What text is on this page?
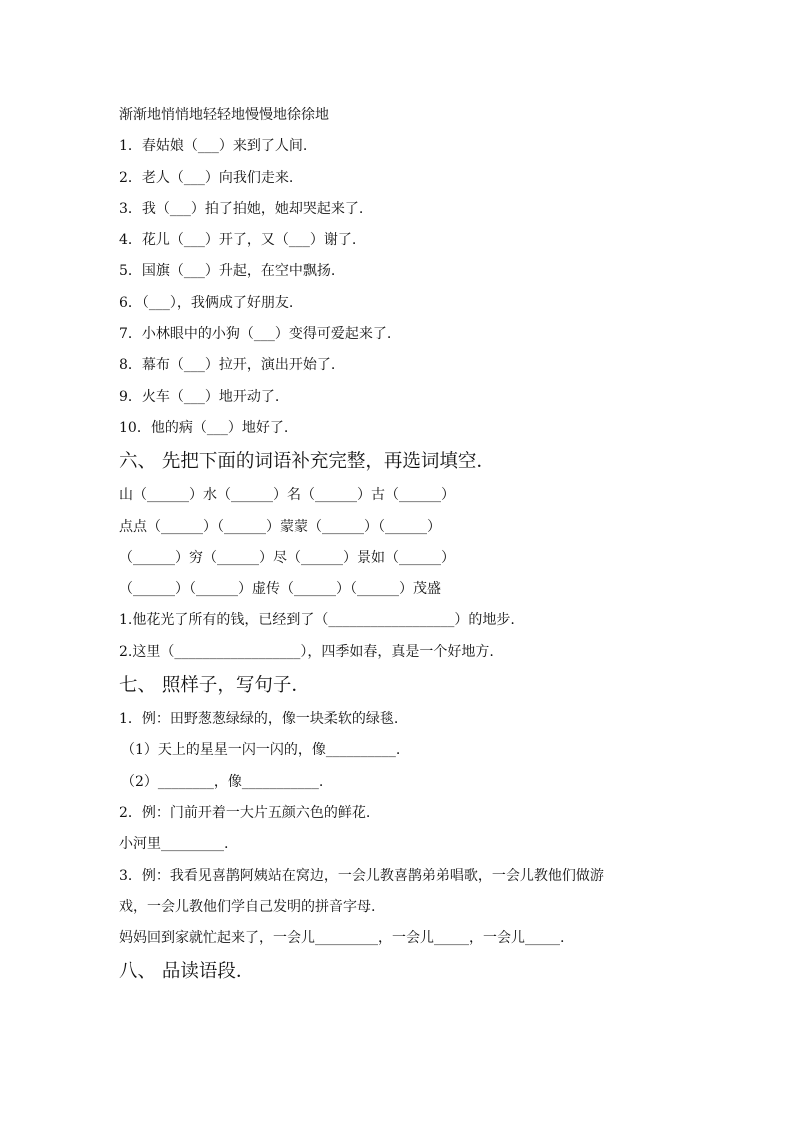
渐渐地悄悄地轻轻地慢慢地徐徐地
1．春姑娘（___）来到了人间.
2．老人（___）向我们走来.
3．我（___）拍了拍她，她却哭起来了.
4．花儿（___）开了，又（___）谢了.
5．国旗（___）升起，在空中飘扬.
6．（___），我俩成了好朋友.
7．小林眼中的小狗（___）变得可爱起来了.
8．幕布（___）拉开，演出开始了.
9．火车（___）地开动了.
10．他的病（___）地好了.
六、 先把下面的词语补充完整，再选词填空．
山（______）水（______）名（______）古（______）
点点（______）（______）蒙蒙（______）（______）
（______）穷（______）尽（______）景如（______）
（______）（______）虚传（______）（______）茂盛
1.他花光了所有的钱，已经到了（__________________）的地步.
2.这里（__________________），四季如春，真是一个好地方.
七、 照样子，写句子．
1．例：田野葱葱绿绿的，像一块柔软的绿毯.
（1）天上的星星一闪一闪的，像__________.
（2）________，像___________.
2．例：门前开着一大片五颜六色的鲜花.
小河里_________.
3．例：我看见喜鹊阿姨站在窝边，一会儿教喜鹊弟弟唱歌，一会儿教他们做游
戏，一会儿教他们学自己发明的拼音字母.
妈妈回到家就忙起来了，一会儿_________，一会儿_____，一会儿_____.
八、 品读语段．
